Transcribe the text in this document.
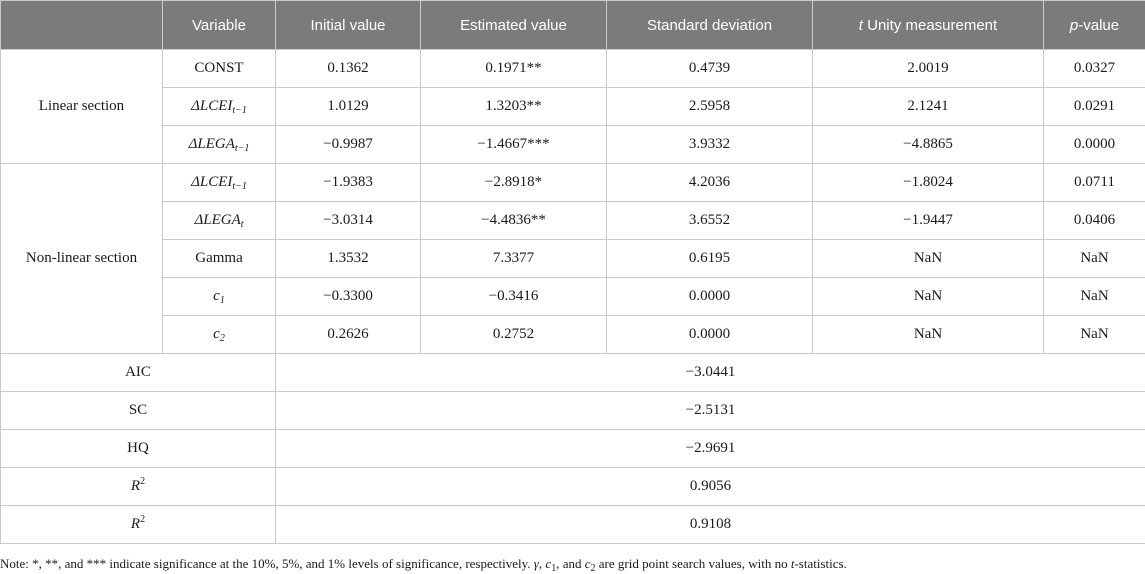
	Variable	Initial value	Estimated value	Standard deviation	t Unity measurement	p-value
Linear section	CONST	0.1362	0.1971**	0.4739	2.0019	0.0327
	$\Delta LCEI_{t-1}$	1.0129	1.3203**	2.5958	2.1241	0.0291
	$\Delta LEGA_{t-1}$	−0.9987	−1.4667***	3.9332	−4.8865	0.0000
Non-linear section	$\Delta LCEI_{t-1}$	−1.9383	−2.8918*	4.2036	−1.8024	0.0711
	$\Delta LEGA_t$	−3.0314	−4.4836**	3.6552	−1.9447	0.0406
	Gamma	1.3532	7.3377	0.6195	NaN	NaN
	$c_1$	−0.3300	−0.3416	0.0000	NaN	NaN
	$c_2$	0.2626	0.2752	0.0000	NaN	NaN
AIC		−3.0441				
SC		−2.5131				
HQ		−2.9691				
$R^2$		0.9056				
$R^2$		0.9108				
Note: *, **, and *** indicate significance at the 10%, 5%, and 1% levels of significance, respectively. γ, $c_1$, and $c_2$ are grid point search values, with no t-statistics.
